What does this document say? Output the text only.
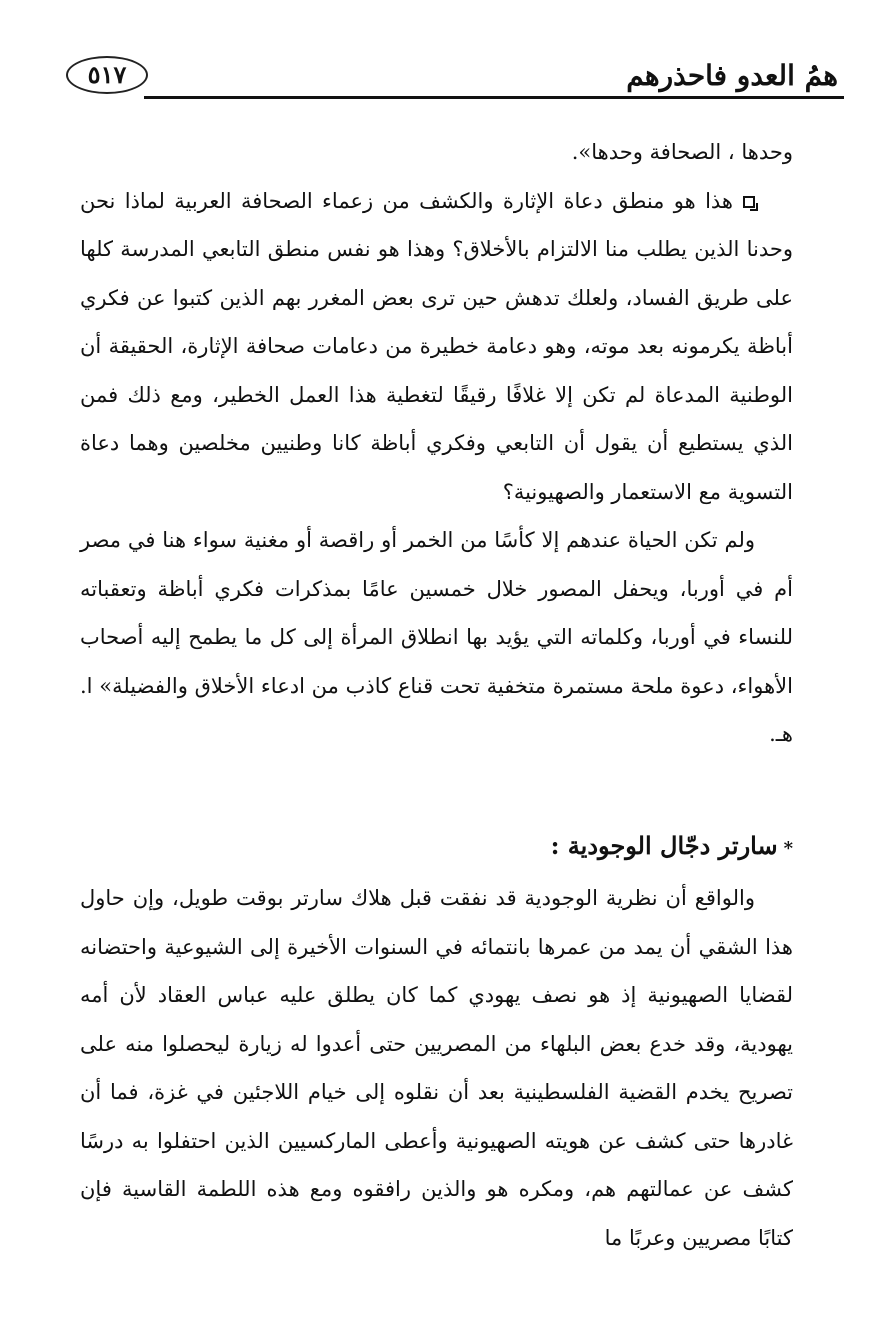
همُ العدو فاحذرهم
٥١٧

وحدها ، الصحافة وحدها».

هذا هو منطق دعاة الإثارة والكشف من زعماء الصحافة العربية لماذا نحن وحدنا الذين يطلب منا الالتزام بالأخلاق؟ وهذا هو نفس منطق التابعي المدرسة كلها على طريق الفساد، ولعلك تدهش حين ترى بعض المغرر بهم الذين كتبوا عن فكري أباظة يكرمونه بعد موته، وهو دعامة خطيرة من دعامات صحافة الإثارة، الحقيقة أن الوطنية المدعاة لم تكن إلا غلافًا رقيقًا لتغطية هذا العمل الخطير، ومع ذلك فمن الذي يستطيع أن يقول أن التابعي وفكري أباظة كانا وطنيين مخلصين وهما دعاة التسوية مع الاستعمار والصهيونية؟

ولم تكن الحياة عندهم إلا كأسًا من الخمر أو راقصة أو مغنية سواء هنا في مصر أم في أوربا، ويحفل المصور خلال خمسين عامًا بمذكرات فكري أباظة وتعقباته للنساء في أوربا، وكلماته التي يؤيد بها انطلاق المرأة إلى كل ما يطمح إليه أصحاب الأهواء، دعوة ملحة مستمرة متخفية تحت قناع كاذب من ادعاء الأخلاق والفضيلة» ا. هـ.

*سارتر دجّال الوجودية :

والواقع أن نظرية الوجودية قد نفقت قبل هلاك سارتر بوقت طويل، وإن حاول هذا الشقي أن يمد من عمرها بانتمائه في السنوات الأخيرة إلى الشيوعية واحتضانه لقضايا الصهيونية إذ هو نصف يهودي كما كان يطلق عليه عباس العقاد لأن أمه يهودية، وقد خدع بعض البلهاء من المصريين حتى أعدوا له زيارة ليحصلوا منه على تصريح يخدم القضية الفلسطينية بعد أن نقلوه إلى خيام اللاجئين في غزة، فما أن غادرها حتى كشف عن هويته الصهيونية وأعطى الماركسيين الذين احتفلوا به درسًا كشف عن عمالتهم هم، ومكره هو والذين رافقوه ومع هذه اللطمة القاسية فإن كتابًا مصريين وعربًا ما
